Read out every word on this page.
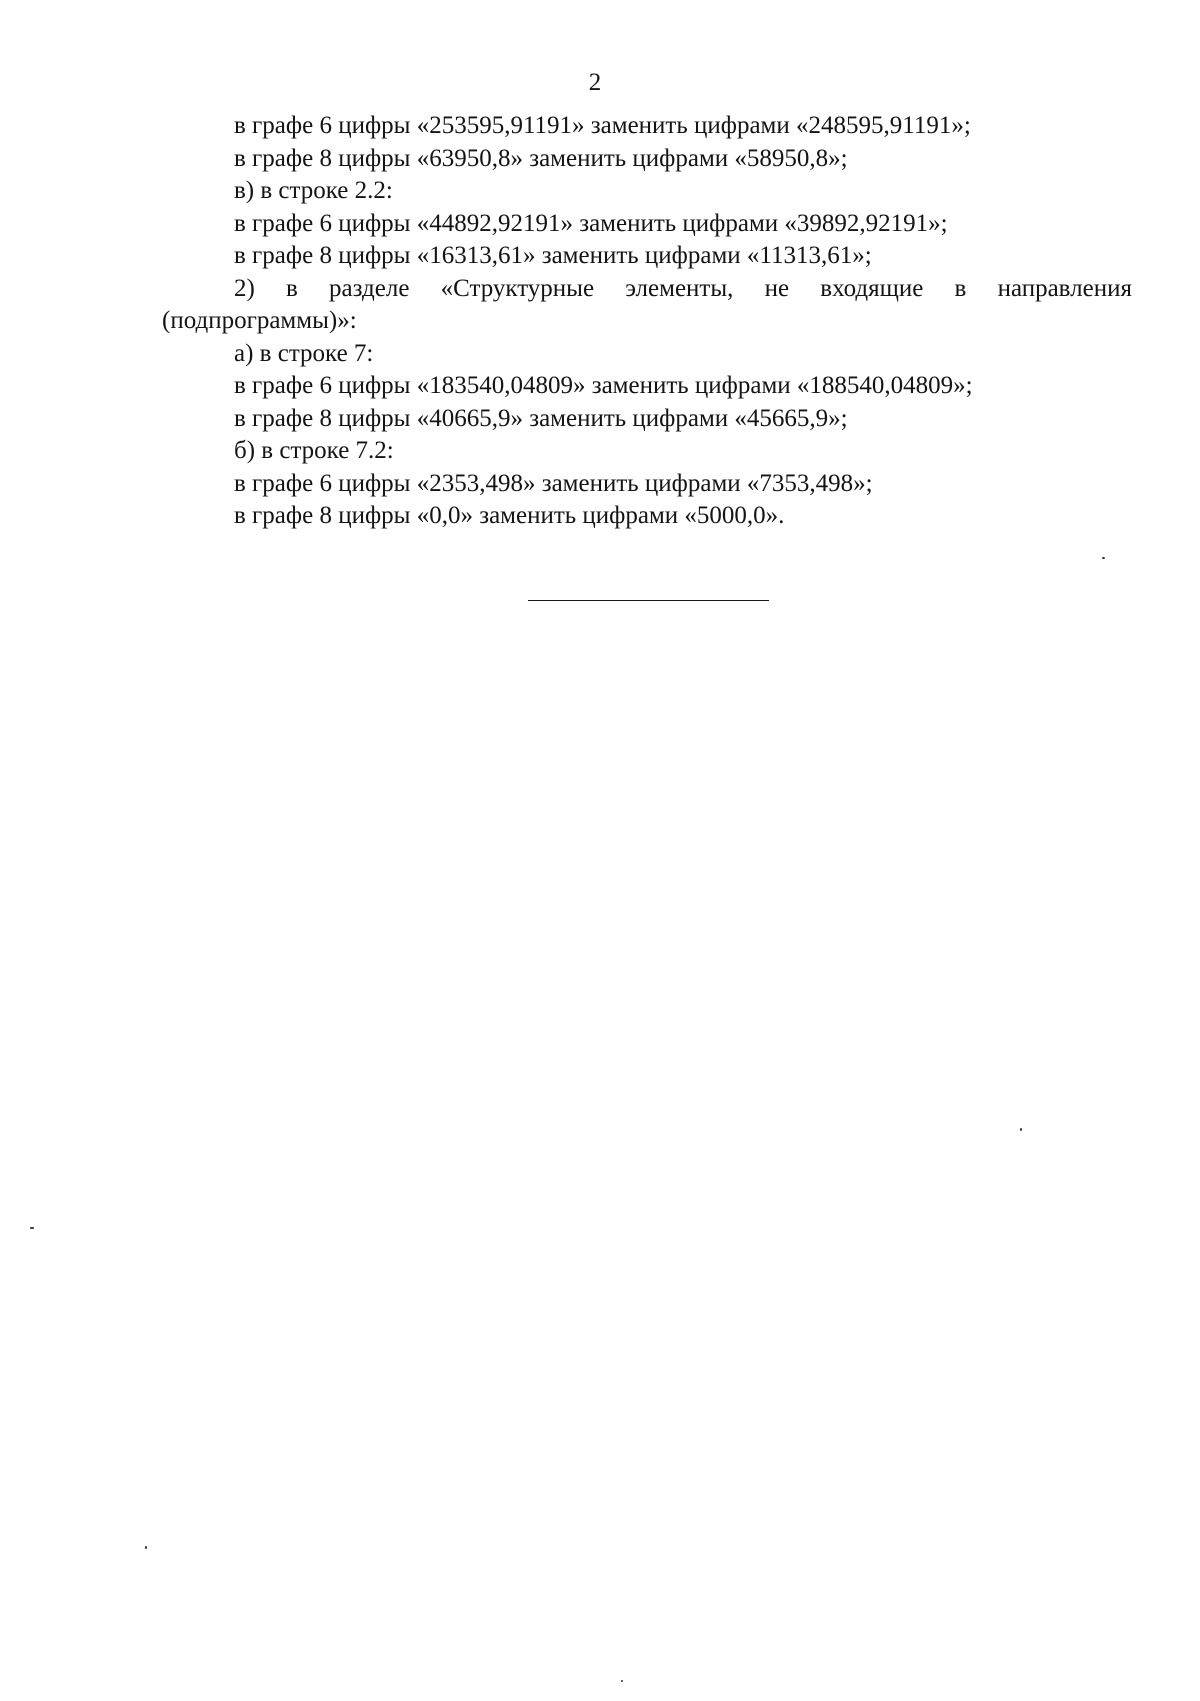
2
в графе 6 цифры «253595,91191» заменить цифрами «248595,91191»;
в графе 8 цифры «63950,8» заменить цифрами «58950,8»;
в) в строке 2.2:
в графе 6 цифры «44892,92191» заменить цифрами «39892,92191»;
в графе 8 цифры «16313,61» заменить цифрами «11313,61»;

2) в разделе «Структурные элементы, не входящие в направления (подпрограммы)»:

а) в строке 7:
в графе 6 цифры «183540,04809» заменить цифрами «188540,04809»;
в графе 8 цифры «40665,9» заменить цифрами «45665,9»;
б) в строке 7.2:
в графе 6 цифры «2353,498» заменить цифрами «7353,498»;
в графе 8 цифры «0,0» заменить цифрами «5000,0».
